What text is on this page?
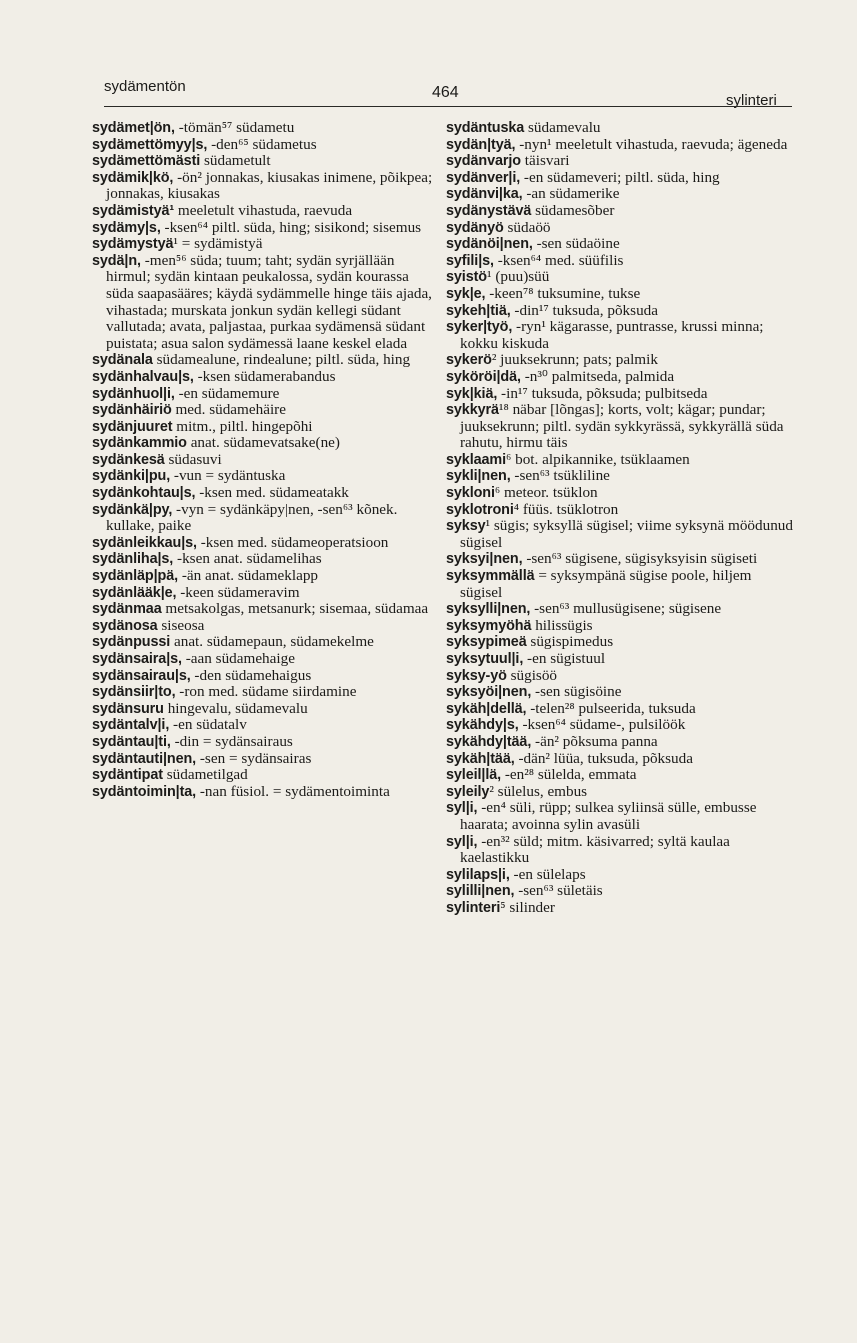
sydämentön	464	sylinteri

sydämet|ön, -tömän⁵⁷ südametu

sydämettömyy|s, -den⁶⁵ südametus

sydämettömästi südametult

sydämik|kö, -ön² jonnakas, kiusakas inimene, põikpea; jonnakas, kiusakas

sydämistyä¹ meeletult vihastuda, raevuda

sydämy|s, -ksen⁶⁴ piltl. süda, hing; sisikond; sisemus

sydämystyä¹ = sydämistyä

sydä|n, -men⁵⁶ süda; tuum; taht; sydän syrjällään hirmul; sydän kintaan peukalossa, sydän kourassa süda saapasääres; käydä sydämmelle hinge täis ajada, vihastada; murskata jonkun sydän kellegi südant vallutada; avata, paljastaa, purkaa sydämensä südant puistata; asua salon sydämessä laane keskel elada

sydänala südamealune, rindealune; piltl. süda, hing

sydänhalvau|s, -ksen südamerabandus

sydänhuol|i, -en südamemure

sydänhäiriö med. südamehäire

sydänjuuret mitm., piltl. hingepõhi

sydänkammio anat. südamevatsake(ne)

sydänkesä südasuvi

sydänki|pu, -vun = sydäntuska

sydänkohtau|s, -ksen med. südameatakk

sydänkä|py, -vyn = sydänkäpy|nen, -sen⁶³ kõnek. kullake, paike

sydänleikkau|s, -ksen med. südameoperatsioon

sydänliha|s, -ksen anat. südamelihas

sydänläp|pä, -än anat. südameklapp

sydänlääk|e, -keen südameravim

sydänmaa metsakolgas, metsanurk; sisemaa, südamaa

sydänosa siseosa

sydänpussi anat. südamepaun, südamekelme

sydänsaira|s, -aan südamehaige

sydänsairau|s, -den südamehaigus

sydänsiir|to, -ron med. südame siirdamine

sydänsuru hingevalu, südamevalu

sydäntalv|i, -en südatalv

sydäntau|ti, -din = sydänsairaus

sydäntauti|nen, -sen = sydänsairas

sydäntipat südametilgad

sydäntoimin|ta, -nan füsiol. = sydämentoiminta

sydäntuska südamevalu

sydän|tyä, -nyn¹ meeletult vihastuda, raevuda; ägeneda

sydänvarjo täisvari

sydänver|i, -en südameveri; piltl. süda, hing

sydänvi|ka, -an südamerike

sydänystävä südamesõber

sydänyö südaöö

sydänöi|nen, -sen südaöine

syfili|s, -ksen⁶⁴ med. süüfilis

syistö¹ (puu)süü

syk|e, -keen⁷⁸ tuksumine, tukse

sykeh|tiä, -din¹⁷ tuksuda, põksuda

syker|työ, -ryn¹ kägarasse, puntrasse, krussi minna; kokku kiskuda

sykerö² juuksekrunn; pats; palmik

syköröi|dä, -n³⁰ palmitseda, palmida

syk|kiä, -in¹⁷ tuksuda, põksuda; pulbitseda

sykkyrä¹⁸ näbar [lõngas]; korts, volt; kägar; pundar; juuksekrunn; piltl. sydän sykkyrässä, sykkyrällä süda rahutu, hirmu täis

syklaami⁶ bot. alpikannike, tsüklaamen

sykli|nen, -sen⁶³ tsükliline

sykloni⁶ meteor. tsüklon

syklotroni⁴ füüs. tsüklotron

syksy¹ sügis; syksyllä sügisel; viime syksynä möödunud sügisel

syksyi|nen, -sen⁶³ sügisene, sügisyksyisin sügiseti

syksymmällä = syksympänä sügise poole, hiljem sügisel

syksylli|nen, -sen⁶³ mullusügisene; sügisene

syksymyöhä hilissügis

syksypimeä sügispimedus

syksytuul|i, -en sügistuul

syksy-yö sügisöö

syksyöi|nen, -sen sügisöine

sykäh|dellä, -telen²⁸ pulseerida, tuksuda

sykähdy|s, -ksen⁶⁴ südame-, pulsilöök

sykähdy|tää, -än² põksuma panna

sykäh|tää, -dän² lüüa, tuksuda, põksuda

syleil|lä, -en²⁸ sülelda, emmata

syleily² sülelus, embus

syl|i, -en⁴ süli, rüpp; sulkea syliinsä sülle, embusse haarata; avoinna sylin avasüli

syl|i, -en³² süld; mitm. käsivarred; syltä kaulaa kaelastikku

sylilaps|i, -en sülelaps

sylilli|nen, -sen⁶³ sületäis

sylinteri⁵ silinder
